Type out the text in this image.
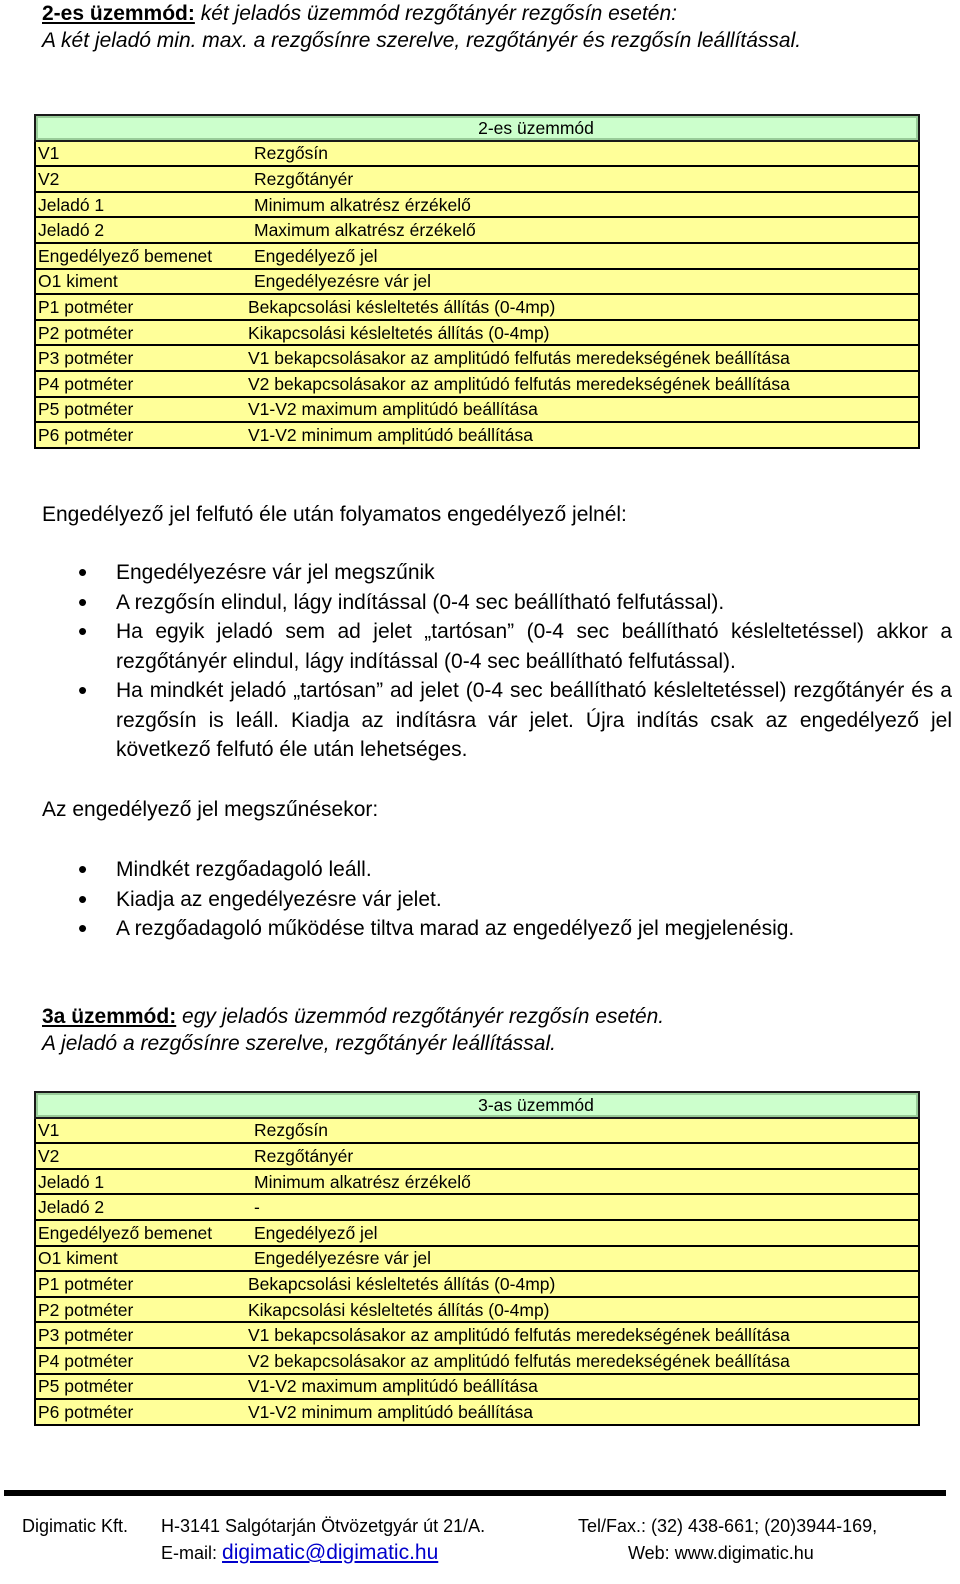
2-es üzemmód: két jeladós üzemmód rezgőtányér rezgősín esetén:
A két jeladó min. max. a rezgősínre szerelve, rezgőtányér és rezgősín leállítással.
2-es üzemmód	
V1	Rezgősín
V2	Rezgőtányér
Jeladó 1	Minimum alkatrész érzékelő
Jeladó 2	Maximum alkatrész érzékelő
Engedélyező bemenet	Engedélyező jel
O1 kiment	Engedélyezésre vár jel
P1 potméter	Bekapcsolási késleltetés állítás (0-4mp)
P2 potméter	Kikapcsolási késleltetés állítás (0-4mp)
P3 potméter	V1 bekapcsolásakor az amplitúdó felfutás meredekségének beállítása
P4 potméter	V2 bekapcsolásakor az amplitúdó felfutás meredekségének beállítása
P5 potméter	V1-V2 maximum amplitúdó beállítása
P6 potméter	V1-V2 minimum amplitúdó beállítása
Engedélyező jel felfutó éle után folyamatos engedélyező jelnél:
• Engedélyezésre vár jel megszűnik
• A rezgősín elindul, lágy indítással (0-4 sec beállítható felfutással).
• Ha egyik jeladó sem ad jelet „tartósan” (0-4 sec beállítható késleltetéssel) akkor a rezgőtányér elindul, lágy indítással (0-4 sec beállítható felfutással).
• Ha mindkét jeladó „tartósan” ad jelet (0-4 sec beállítható késleltetéssel) rezgőtányér és a rezgősín is leáll. Kiadja az indításra vár jelet. Újra indítás csak az engedélyező jel következő felfutó éle után lehetséges.
Az engedélyező jel megszűnésekor:
• Mindkét rezgőadagoló leáll.
• Kiadja az engedélyezésre vár jelet.
• A rezgőadagoló működése tiltva marad az engedélyező jel megjelenésig.
3a üzemmód: egy jeladós üzemmód rezgőtányér rezgősín esetén.
A jeladó a rezgősínre szerelve, rezgőtányér leállítással.
3-as üzemmód	
V1	Rezgősín
V2	Rezgőtányér
Jeladó 1	Minimum alkatrész érzékelő
Jeladó 2	-
Engedélyező bemenet	Engedélyező jel
O1 kiment	Engedélyezésre vár jel
P1 potméter	Bekapcsolási késleltetés állítás (0-4mp)
P2 potméter	Kikapcsolási késleltetés állítás (0-4mp)
P3 potméter	V1 bekapcsolásakor az amplitúdó felfutás meredekségének beállítása
P4 potméter	V2 bekapcsolásakor az amplitúdó felfutás meredekségének beállítása
P5 potméter	V1-V2 maximum amplitúdó beállítása
P6 potméter	V1-V2 minimum amplitúdó beállítása
Digimatic Kft. H-3141 Salgótarján Ötvözetgyár út 21/A.	Tel/Fax.: (32) 438-661; (20)3944-169,
E-mail: digimatic@digimatic.hu	Web: www.digimatic.hu
